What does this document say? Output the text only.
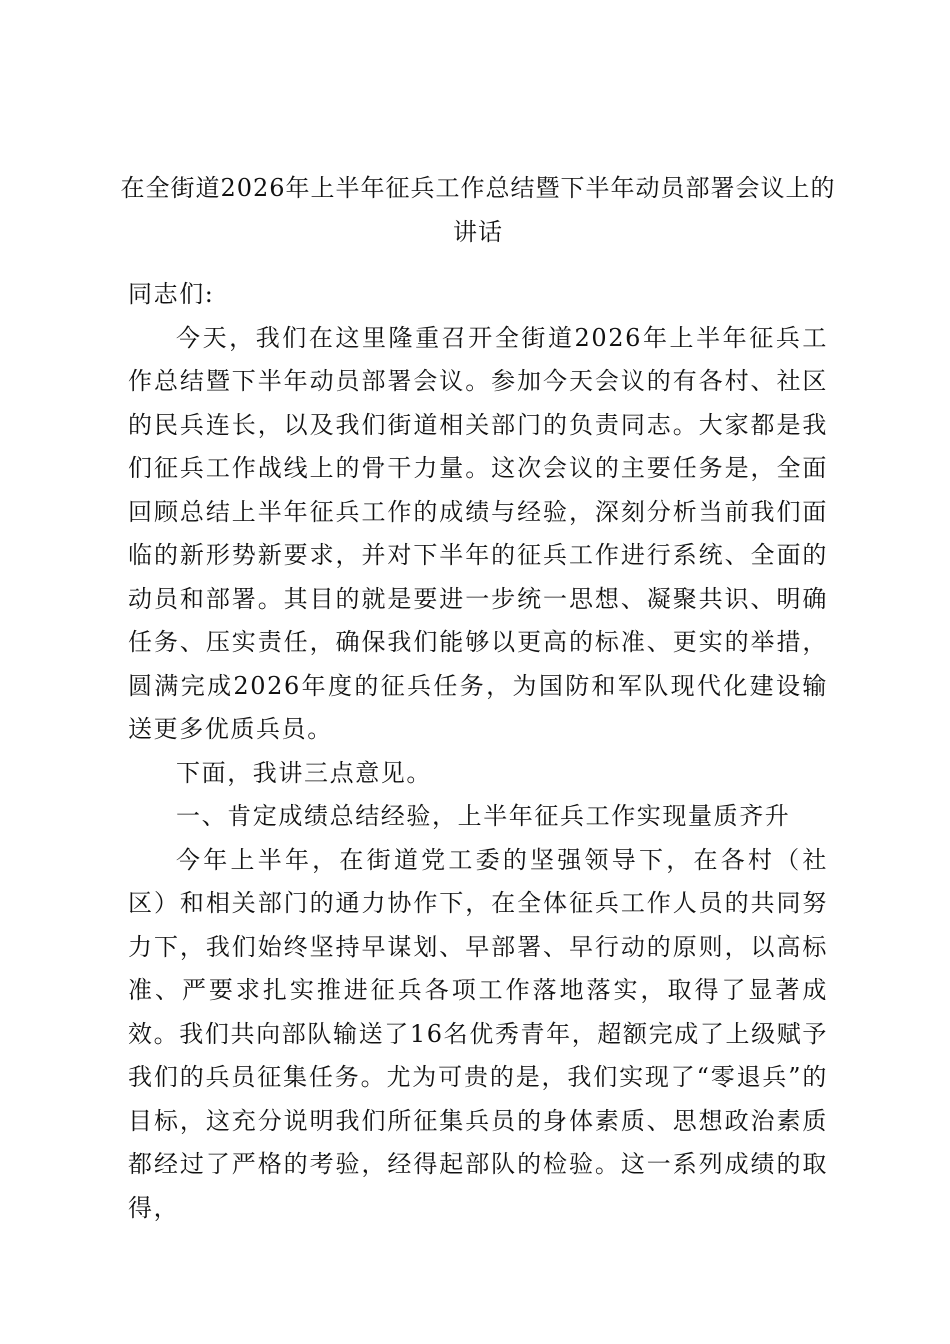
在全街道2026年上半年征兵工作总结暨下半年动员部署会议上的讲话

同志们:

今天，我们在这里隆重召开全街道2026年上半年征兵工作总结暨下半年动员部署会议。参加今天会议的有各村、社区的民兵连长，以及我们街道相关部门的负责同志。大家都是我们征兵工作战线上的骨干力量。这次会议的主要任务是，全面回顾总结上半年征兵工作的成绩与经验，深刻分析当前我们面临的新形势新要求，并对下半年的征兵工作进行系统、全面的动员和部署。其目的就是要进一步统一思想、凝聚共识、明确任务、压实责任，确保我们能够以更高的标准、更实的举措，圆满完成2026年度的征兵任务，为国防和军队现代化建设输送更多优质兵员。

下面，我讲三点意见。

一、肯定成绩总结经验，上半年征兵工作实现量质齐升

今年上半年，在街道党工委的坚强领导下，在各村（社区）和相关部门的通力协作下，在全体征兵工作人员的共同努力下，我们始终坚持早谋划、早部署、早行动的原则，以高标准、严要求扎实推进征兵各项工作落地落实，取得了显著成效。我们共向部队输送了16名优秀青年，超额完成了上级赋予我们的兵员征集任务。尤为可贵的是，我们实现了“零退兵”的目标，这充分说明我们所征集兵员的身体素质、思想政治素质都经过了严格的考验，经得起部队的检验。这一系列成绩的取得，
